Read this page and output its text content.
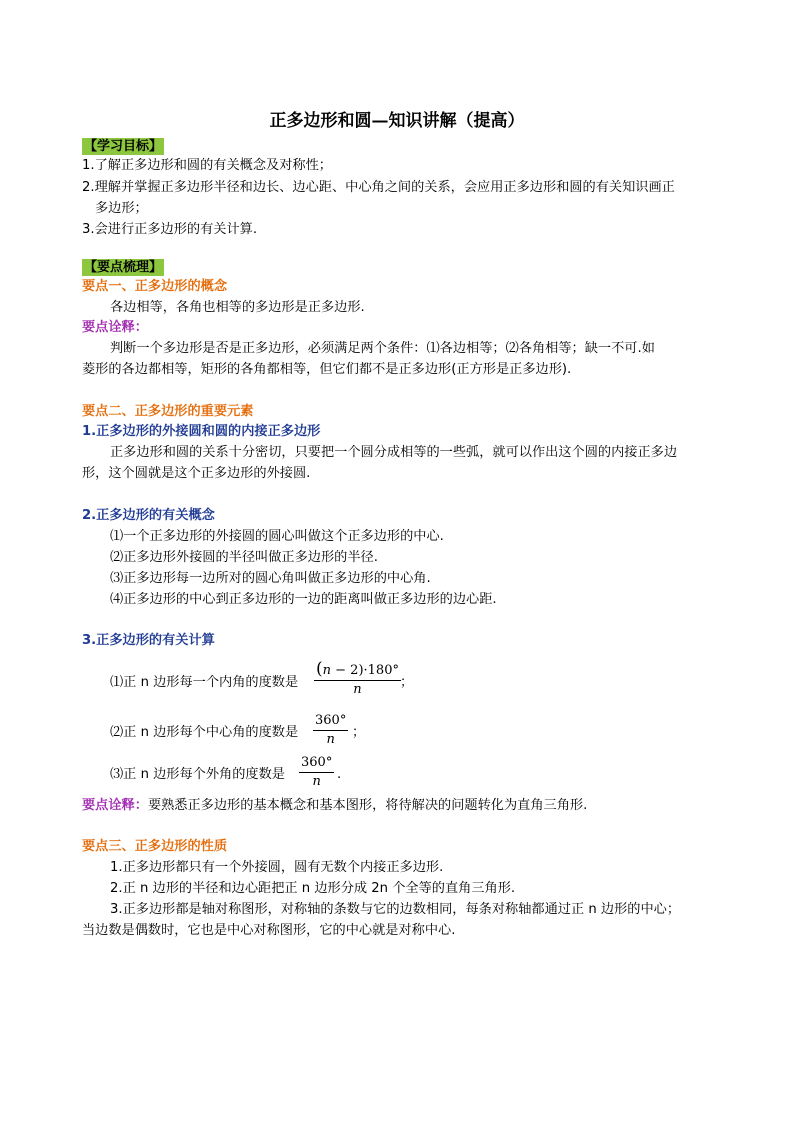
正多边形和圆—知识讲解（提高）
【学习目标】
1.了解正多边形和圆的有关概念及对称性；
2.理解并掌握正多边形半径和边长、边心距、中心角之间的关系，会应用正多边形和圆的有关知识画正
多边形；
3.会进行正多边形的有关计算.
【要点梳理】
要点一、正多边形的概念
各边相等，各角也相等的多边形是正多边形.
要点诠释：
判断一个多边形是否是正多边形，必须满足两个条件：⑴各边相等；⑵各角相等；缺一不可.如
菱形的各边都相等，矩形的各角都相等，但它们都不是正多边形(正方形是正多边形).
要点二、正多边形的重要元素
1.正多边形的外接圆和圆的内接正多边形
正多边形和圆的关系十分密切，只要把一个圆分成相等的一些弧，就可以作出这个圆的内接正多边
形，这个圆就是这个正多边形的外接圆.
2.正多边形的有关概念
⑴一个正多边形的外接圆的圆心叫做这个正多边形的中心.
⑵正多边形外接圆的半径叫做正多边形的半径.
⑶正多边形每一边所对的圆心角叫做正多边形的中心角.
⑷正多边形的中心到正多边形的一边的距离叫做正多边形的边心距.
3.正多边形的有关计算
⑴正 n 边形每一个内角的度数是 $\frac{(n - 2)\cdot 180^\circ}{n}$ ；
⑵正 n 边形每个中心角的度数是 $\frac{360^\circ}{n}$ ；
⑶正 n 边形每个外角的度数是 $\frac{360^\circ}{n}$ .
要点诠释：要熟悉正多边形的基本概念和基本图形，将待解决的问题转化为直角三角形.
要点三、正多边形的性质
1.正多边形都只有一个外接圆，圆有无数个内接正多边形.
2.正 n 边形的半径和边心距把正 n 边形分成 2n 个全等的直角三角形.
3.正多边形都是轴对称图形，对称轴的条数与它的边数相同，每条对称轴都通过正 n 边形的中心；
当边数是偶数时，它也是中心对称图形，它的中心就是对称中心.
